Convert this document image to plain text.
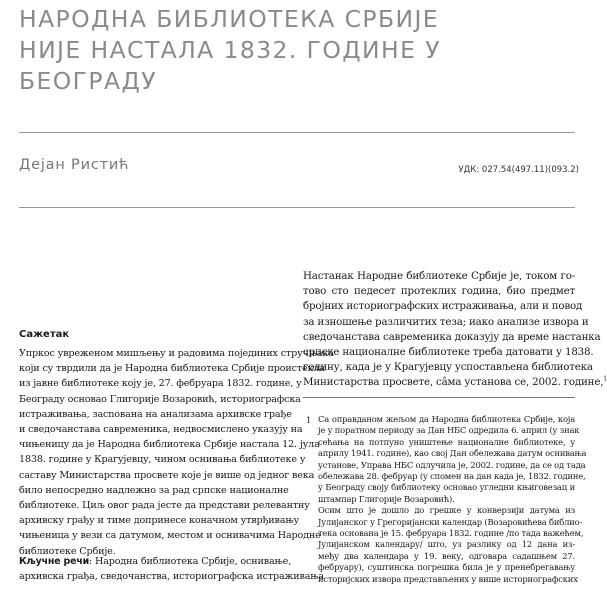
НАРОДНА БИБЛИОТЕКА СРБИЈЕ
НИЈЕ НАСТАЛА 1832. ГОДИНЕ У
БЕОГРАДУ
Дејан Ристић	УДК: 027.54(497.11)(093.2)
Сажетак
Упркос увреженом мишљењу и радовима појединих стручњака
који су тврдили да је Народна библиотека Србије проистекла
из јавне библиотеке коју је, 27. фебруара 1832. године, у
Београду основао Глигорије Возаровић, историографска
истраживања, засnована на анализама архивске грађе
и сведочанстава савременика, недвосмислено указују на
чињеницу да је Народна библиотека Србије настала 12. јула
1838. године у Крагујевцу, чином оснивања библиотеке у
саставу Министарства просвете које је више од једног века
било непосредно надлежно за рад српске националне
библиотеке. Циљ овог рада јесте да представи релевантну
архивску грађу и тиме допринесе коначном утврђивању
чињеница у вези са датумом, местом и оснивачима Народне
библиотеке Србије.
Кључне речи: Народна библиотека Србије, оснивање,
архивска грађа, сведочанства, историографска истраживања
Настанак Народне библиотеке Србије је, током го-
тово сто педесет протеклих година, био предмет
бројних историографских истраживања, али и повод
за изношење различитих теза; иако анализе извора и
сведочанстава савременика доказују да време настанка
српске националне библиотеке треба датовати у 1838.
годину, када је у Крагујевцу успостављена библиотека
Министарства просвете, сâма установа се, 2002. године,$^1$
1 Са оправданом жељом да Народна библиотека Србије, која
је у поратном периоду за Дан НБС одредила 6. април (у знак
сећања на потпуно уништење националне библиотеке, у
априлу 1941. године), као свој Дан обележава датум оснивања
установе, Управа НБС одлучила је, 2002. године, да се од тада
обележава 28. фебруар (у спомен на дан када је, 1832. године,
у Београду своју библиотеку основао угледни књиговезац и
штампар Глигорије Возаровић).
Осим што је дошло до грешке у конверзији датума из
Јулијанског у Грегоријански календар (Возаровићева библио-
тека основана је 15. фебруара 1832. године /по тада важећем,
Јулијанском календару/ што, уз разлику од 12 дана из-
међу два календара у 19. веку, одговара садашњем 27.
фебруару), суштинска погрешка била је у пренебрегавању
историјских извора представљених у више историографских
